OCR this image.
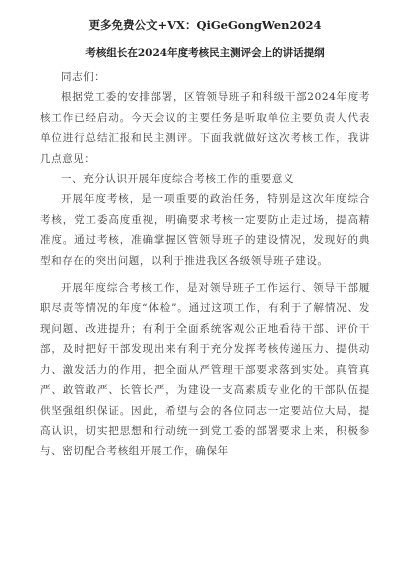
更多免费公文+VX：QiGeGongWen2024
考核组长在2024年度考核民主测评会上的讲话提纲

同志们：

根据党工委的安排部署，区管领导班子和科级干部2024年度考核工作已经启动。今天会议的主要任务是听取单位主要负责人代表单位进行总结汇报和民主测评。下面我就做好这次考核工作，我讲几点意见：

一、充分认识开展年度综合考核工作的重要意义

开展年度考核，是一项重要的政治任务，特别是这次年度综合考核，党工委高度重视，明确要求考核一定要防止走过场，提高精准度。通过考核，准确掌握区管领导班子的建设情况，发现好的典型和存在的突出问题，以利于推进我区各级领导班子建设。

开展年度综合考核工作，是对领导班子工作运行、领导干部履职尽责等情况的年度“体检”。通过这项工作，有利于了解情况、发现问题、改进提升；有利于全面系统客观公正地看待干部、评价干部，及时把好干部发现出来有利于充分发挥考核传递压力、提供动力、激发活力的作用，把全面从严管理干部要求落到实处。真管真严、敢管敢严、长管长严，为建设一支高素质专业化的干部队伍提供坚强组织保证。因此，希望与会的各位同志一定要站位大局，提高认识，切实把思想和行动统一到党工委的部署要求上来，积极参与、密切配合考核组开展工作，确保年
